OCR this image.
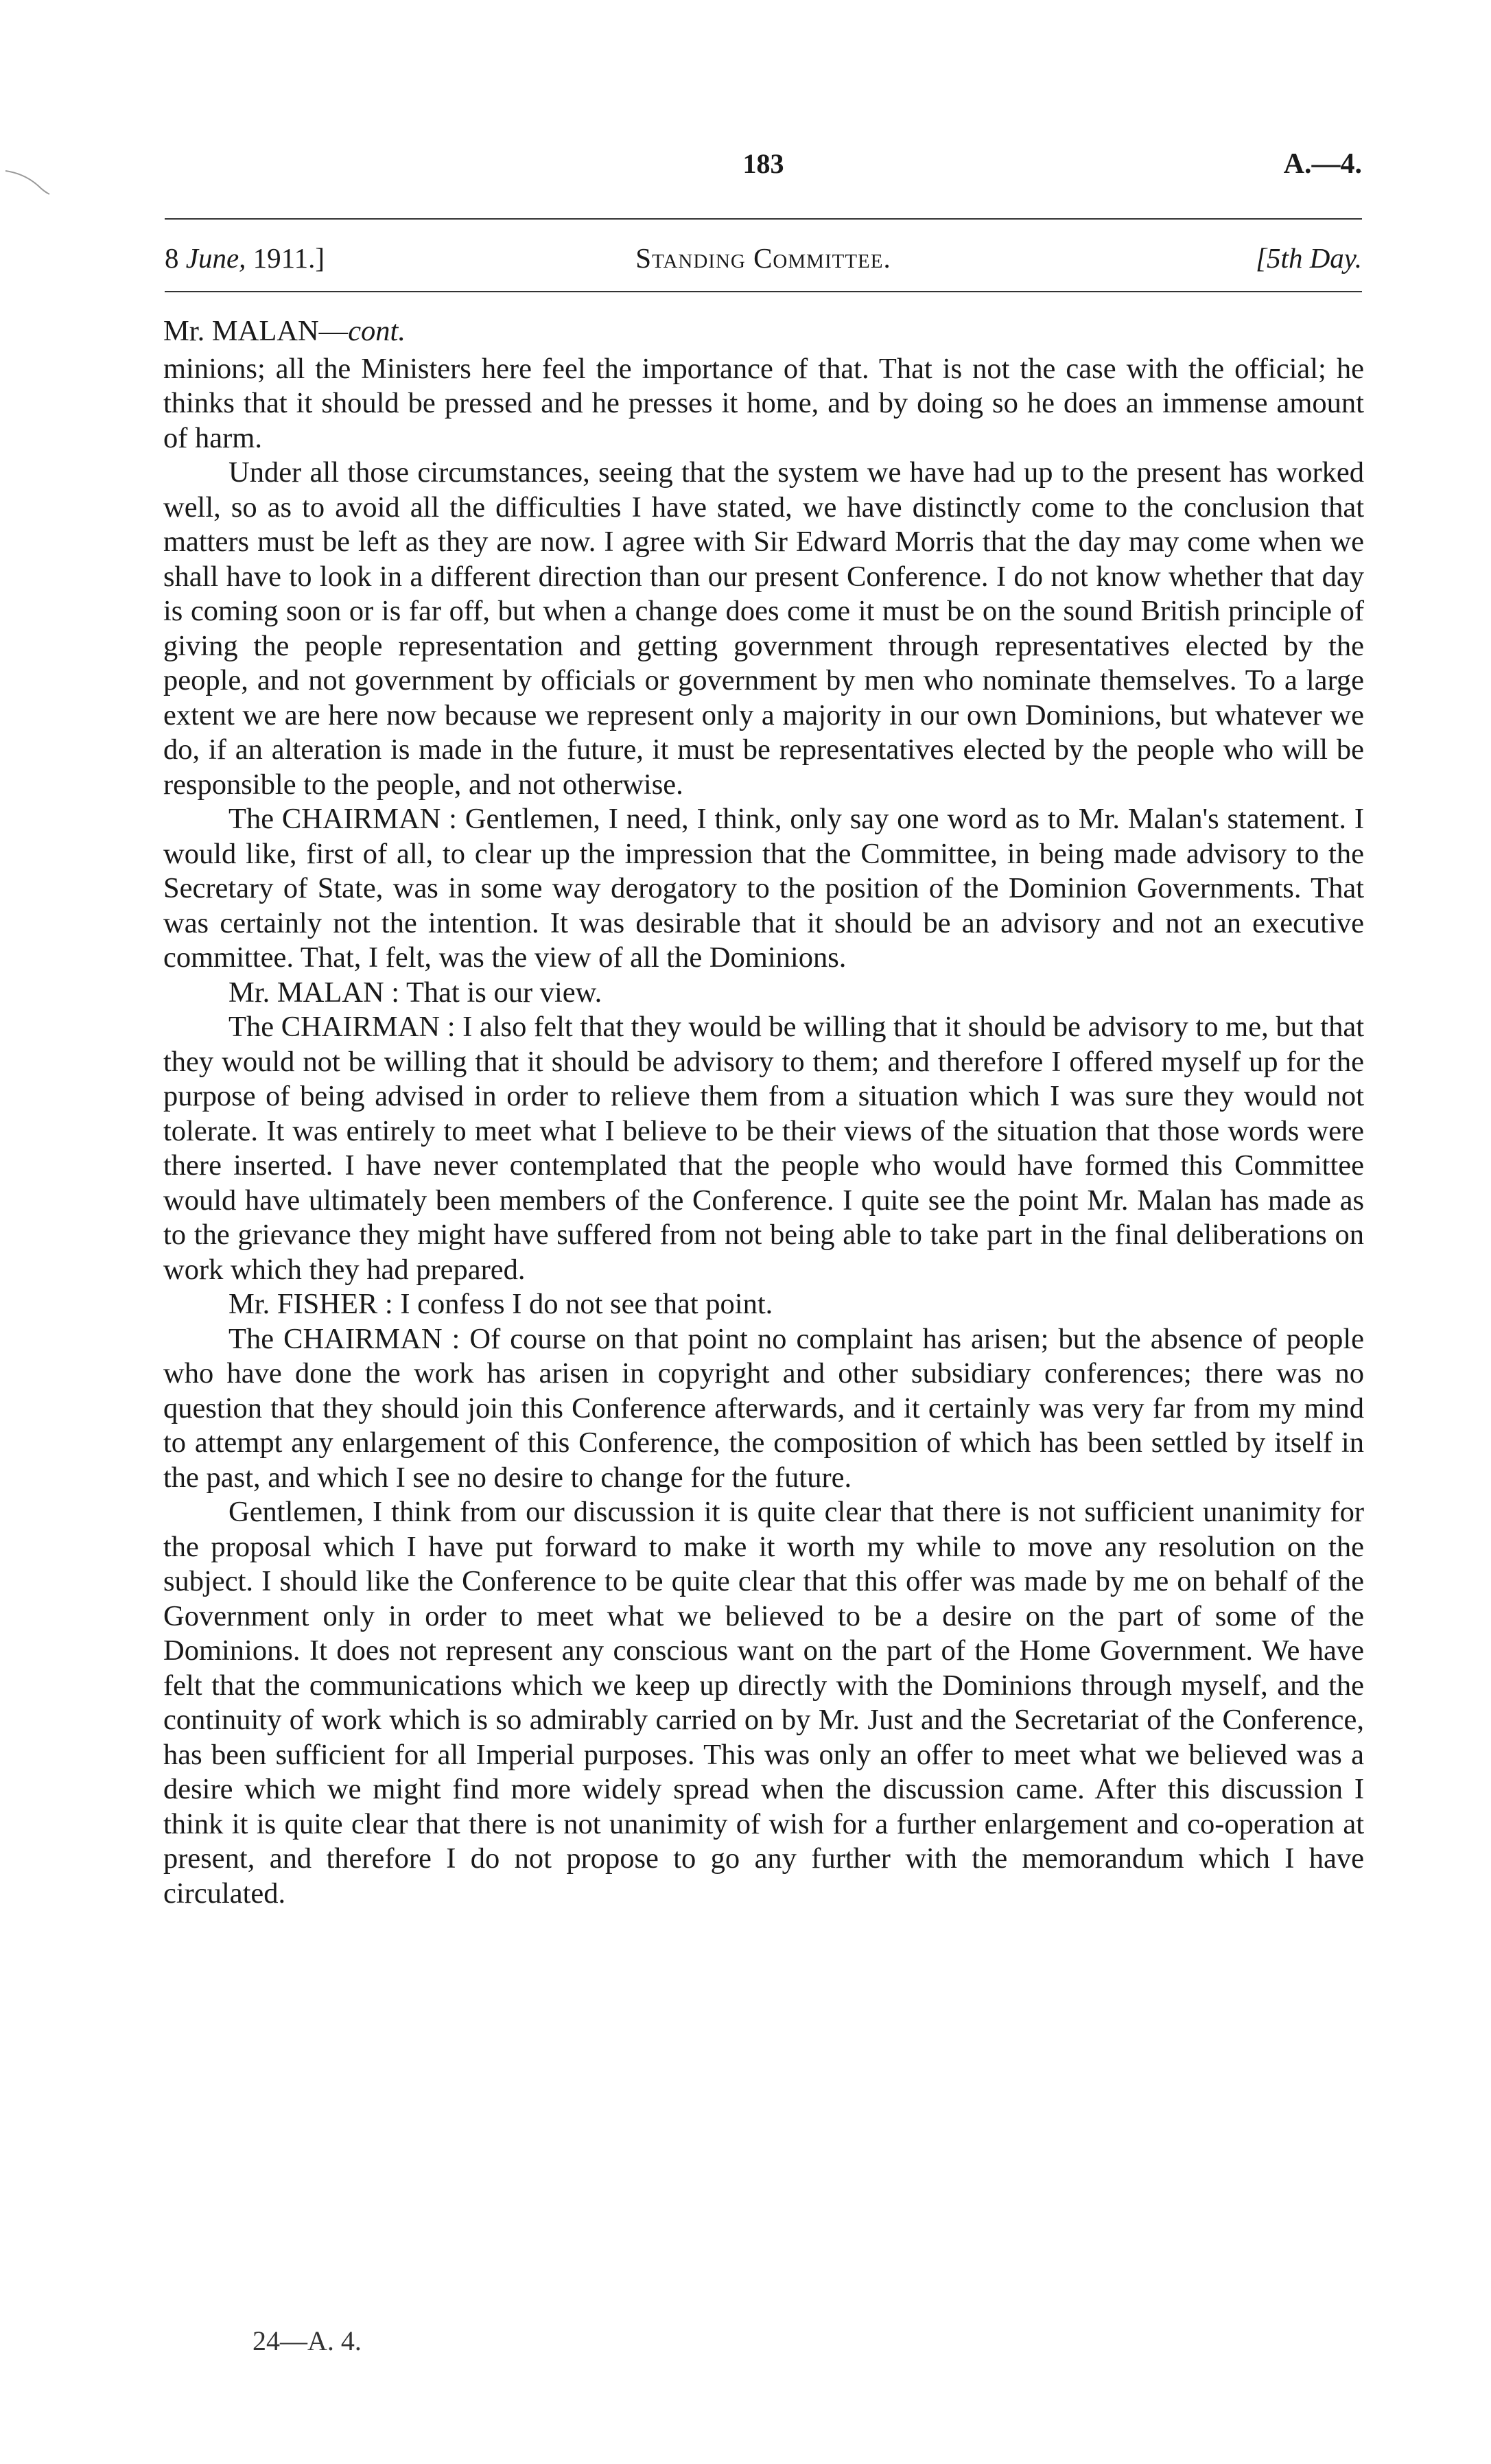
183	A.—4.
8 June, 1911.]	Standing Committee.	[5th Day.

Mr. MALAN—cont.

minions; all the Ministers here feel the importance of that. That is not the case with the official; he thinks that it should be pressed and he presses it home, and by doing so he does an immense amount of harm.

Under all those circumstances, seeing that the system we have had up to the present has worked well, so as to avoid all the difficulties I have stated, we have distinctly come to the conclusion that matters must be left as they are now. I agree with Sir Edward Morris that the day may come when we shall have to look in a different direction than our present Conference. I do not know whether that day is coming soon or is far off, but when a change does come it must be on the sound British principle of giving the people representation and getting government through representatives elected by the people, and not government by officials or government by men who nominate themselves. To a large extent we are here now because we represent only a majority in our own Dominions, but whatever we do, if an alteration is made in the future, it must be representatives elected by the people who will be responsible to the people, and not otherwise.

The CHAIRMAN : Gentlemen, I need, I think, only say one word as to Mr. Malan's statement. I would like, first of all, to clear up the impression that the Committee, in being made advisory to the Secretary of State, was in some way derogatory to the position of the Dominion Governments. That was certainly not the intention. It was desirable that it should be an advisory and not an executive committee. That, I felt, was the view of all the Dominions.

Mr. MALAN : That is our view.

The CHAIRMAN : I also felt that they would be willing that it should be advisory to me, but that they would not be willing that it should be advisory to them; and therefore I offered myself up for the purpose of being advised in order to relieve them from a situation which I was sure they would not tolerate. It was entirely to meet what I believe to be their views of the situation that those words were there inserted. I have never contemplated that the people who would have formed this Committee would have ultimately been members of the Conference. I quite see the point Mr. Malan has made as to the grievance they might have suffered from not being able to take part in the final deliberations on work which they had prepared.

Mr. FISHER : I confess I do not see that point.

The CHAIRMAN : Of course on that point no complaint has arisen; but the absence of people who have done the work has arisen in copyright and other subsidiary conferences; there was no question that they should join this Conference afterwards, and it certainly was very far from my mind to attempt any enlargement of this Conference, the composition of which has been settled by itself in the past, and which I see no desire to change for the future.

Gentlemen, I think from our discussion it is quite clear that there is not sufficient unanimity for the proposal which I have put forward to make it worth my while to move any resolution on the subject. I should like the Conference to be quite clear that this offer was made by me on behalf of the Government only in order to meet what we believed to be a desire on the part of some of the Dominions. It does not represent any conscious want on the part of the Home Government. We have felt that the communications which we keep up directly with the Dominions through myself, and the continuity of work which is so admirably carried on by Mr. Just and the Secretariat of the Conference, has been sufficient for all Imperial purposes. This was only an offer to meet what we believed was a desire which we might find more widely spread when the discussion came. After this discussion I think it is quite clear that there is not unanimity of wish for a further enlargement and co-operation at present, and therefore I do not propose to go any further with the memorandum which I have circulated.

24—A. 4.
